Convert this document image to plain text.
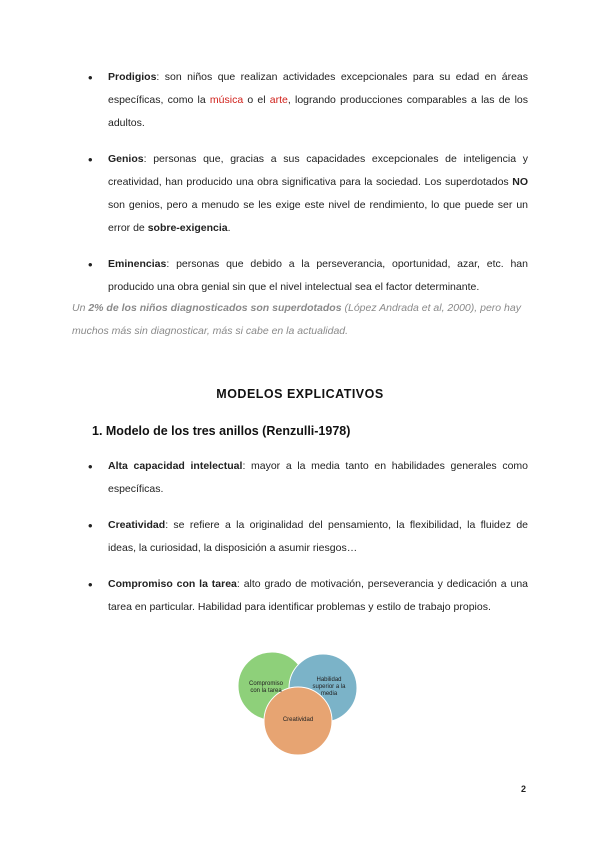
• Prodigios: son niños que realizan actividades excepcionales para su edad en áreas específicas, como la música o el arte, logrando producciones comparables a las de los adultos.
• Genios: personas que, gracias a sus capacidades excepcionales de inteligencia y creatividad, han producido una obra significativa para la sociedad. Los superdotados NO son genios, pero a menudo se les exige este nivel de rendimiento, lo que puede ser un error de sobre-exigencia.
• Eminencias: personas que debido a la perseverancia, oportunidad, azar, etc. han producido una obra genial sin que el nivel intelectual sea el factor determinante.

Un 2% de los niños diagnosticados son superdotados (López Andrada et al, 2000), pero hay muchos más sin diagnosticar, más si cabe en la actualidad.

MODELOS EXPLICATIVOS
1. Modelo de los tres anillos (Renzulli-1978)
• Alta capacidad intelectual: mayor a la media tanto en habilidades generales como específicas.
• Creatividad: se refiere a la originalidad del pensamiento, la flexibilidad, la fluidez de ideas, la curiosidad, la disposición a asumir riesgos…
• Compromiso con la tarea: alto grado de motivación, perseverancia y dedicación a una tarea en particular. Habilidad para identificar problemas y estilo de trabajo propios.
Compromiso
con la tarea
Habilidad
superior a la
media
Creatividad
2
